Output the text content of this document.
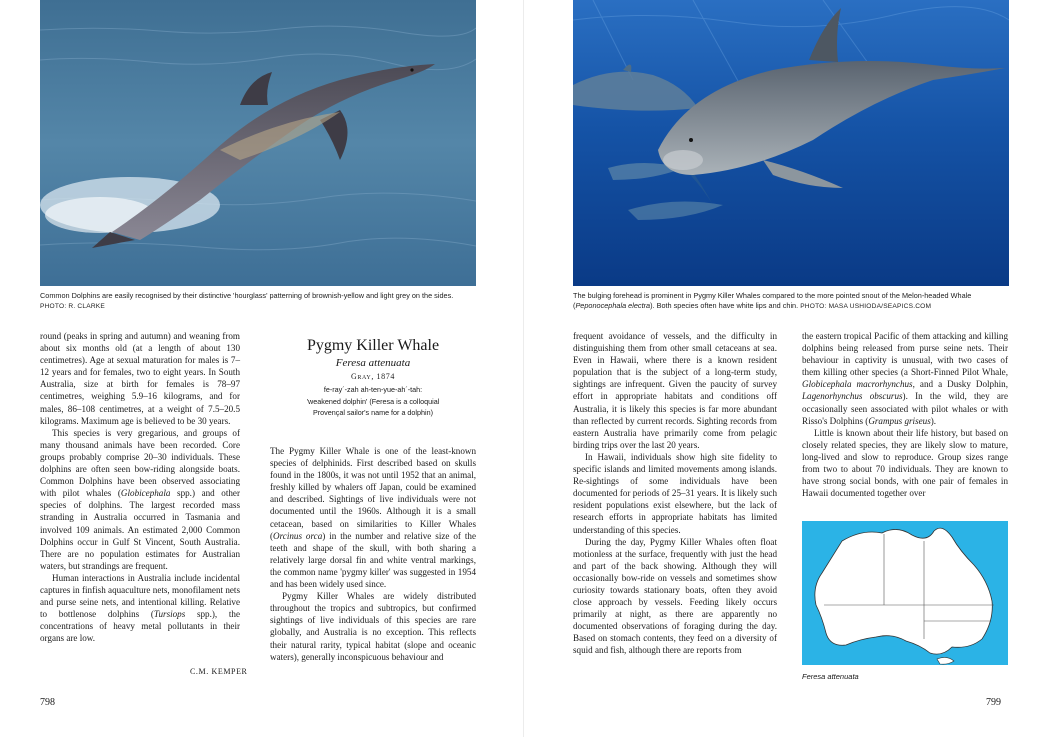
Common Dolphins are easily recognised by their distinctive 'hourglass' patterning of brownish-yellow and light grey on the sides. PHOTO: R. CLARKE

round (peaks in spring and autumn) and weaning from about six months old (at a length of about 130 centimetres). Age at sexual maturation for males is 7–12 years and for females, two to eight years. In South Australia, size at birth for females is 78–97 centimetres, weighing 5.9–16 kilograms, and for males, 86–108 centimetres, at a weight of 7.5–20.5 kilograms. Maximum age is believed to be 30 years.

This species is very gregarious, and groups of many thousand animals have been recorded. Core groups probably comprise 20–30 individuals. These dolphins are often seen bow-riding alongside boats. Common Dolphins have been observed associating with pilot whales (Globicephala spp.) and other species of dolphins. The largest recorded mass stranding in Australia occurred in Tasmania and involved 109 animals. An estimated 2,000 Common Dolphins occur in Gulf St Vincent, South Australia. There are no population estimates for Australian waters, but strandings are frequent.

Human interactions in Australia include incidental captures in finfish aquaculture nets, monofilament nets and purse seine nets, and intentional killing. Relative to bottlenose dolphins (Tursiops spp.), the concentrations of heavy metal pollutants in their organs are low.

C.M. KEMPER
Pygmy Killer Whale

Feresa attenuata

Gray, 1874

fe-ray´-zah ah-ten-yue-ah´-tah:

'weakened dolphin' (Feresa is a colloquial

Provençal sailor's name for a dolphin)

The Pygmy Killer Whale is one of the least-known species of delphinids. First described based on skulls found in the 1800s, it was not until 1952 that an animal, freshly killed by whalers off Japan, could be examined and described. Sightings of live individuals were not documented until the 1960s. Although it is a small cetacean, based on similarities to Killer Whales (Orcinus orca) in the number and relative size of the teeth and shape of the skull, with both sharing a relatively large dorsal fin and white ventral markings, the common name 'pygmy killer' was suggested in 1954 and has been widely used since.

Pygmy Killer Whales are widely distributed throughout the tropics and subtropics, but confirmed sightings of live individuals of this species are rare globally, and Australia is no exception. This reflects their natural rarity, typical habitat (slope and oceanic waters), generally inconspicuous behaviour and

798

The bulging forehead is prominent in Pygmy Killer Whales compared to the more pointed snout of the Melon-headed Whale (Peponocephala electra). Both species often have white lips and chin. PHOTO: MASA USHIODA/SEAPICS.COM

frequent avoidance of vessels, and the difficulty in distinguishing them from other small cetaceans at sea. Even in Hawaii, where there is a known resident population that is the subject of a long-term study, sightings are infrequent. Given the paucity of survey effort in appropriate habitats and conditions off Australia, it is likely this species is far more abundant than reflected by current records. Sighting records from eastern Australia have primarily come from pelagic birding trips over the last 20 years.

In Hawaii, individuals show high site fidelity to specific islands and limited movements among islands. Re-sightings of some individuals have been documented for periods of 25–31 years. It is likely such resident populations exist elsewhere, but the lack of research efforts in appropriate habitats has limited understanding of this species.

During the day, Pygmy Killer Whales often float motionless at the surface, frequently with just the head and part of the back showing. Although they will occasionally bow-ride on vessels and sometimes show curiosity towards stationary boats, often they avoid close approach by vessels. Feeding likely occurs primarily at night, as there are apparently no documented observations of foraging during the day. Based on stomach contents, they feed on a diversity of squid and fish, although there are reports from

the eastern tropical Pacific of them attacking and killing dolphins being released from purse seine nets. Their behaviour in captivity is unusual, with two cases of them killing other species (a Short-Finned Pilot Whale, Globicephala macrorhynchus, and a Dusky Dolphin, Lagenorhynchus obscurus). In the wild, they are occasionally seen associated with pilot whales or with Risso's Dolphins (Grampus griseus).

Little is known about their life history, but based on closely related species, they are likely slow to mature, long-lived and slow to reproduce. Group sizes range from two to about 70 individuals. They are known to have strong social bonds, with one pair of females in Hawaii documented together over

Feresa attenuata
799
